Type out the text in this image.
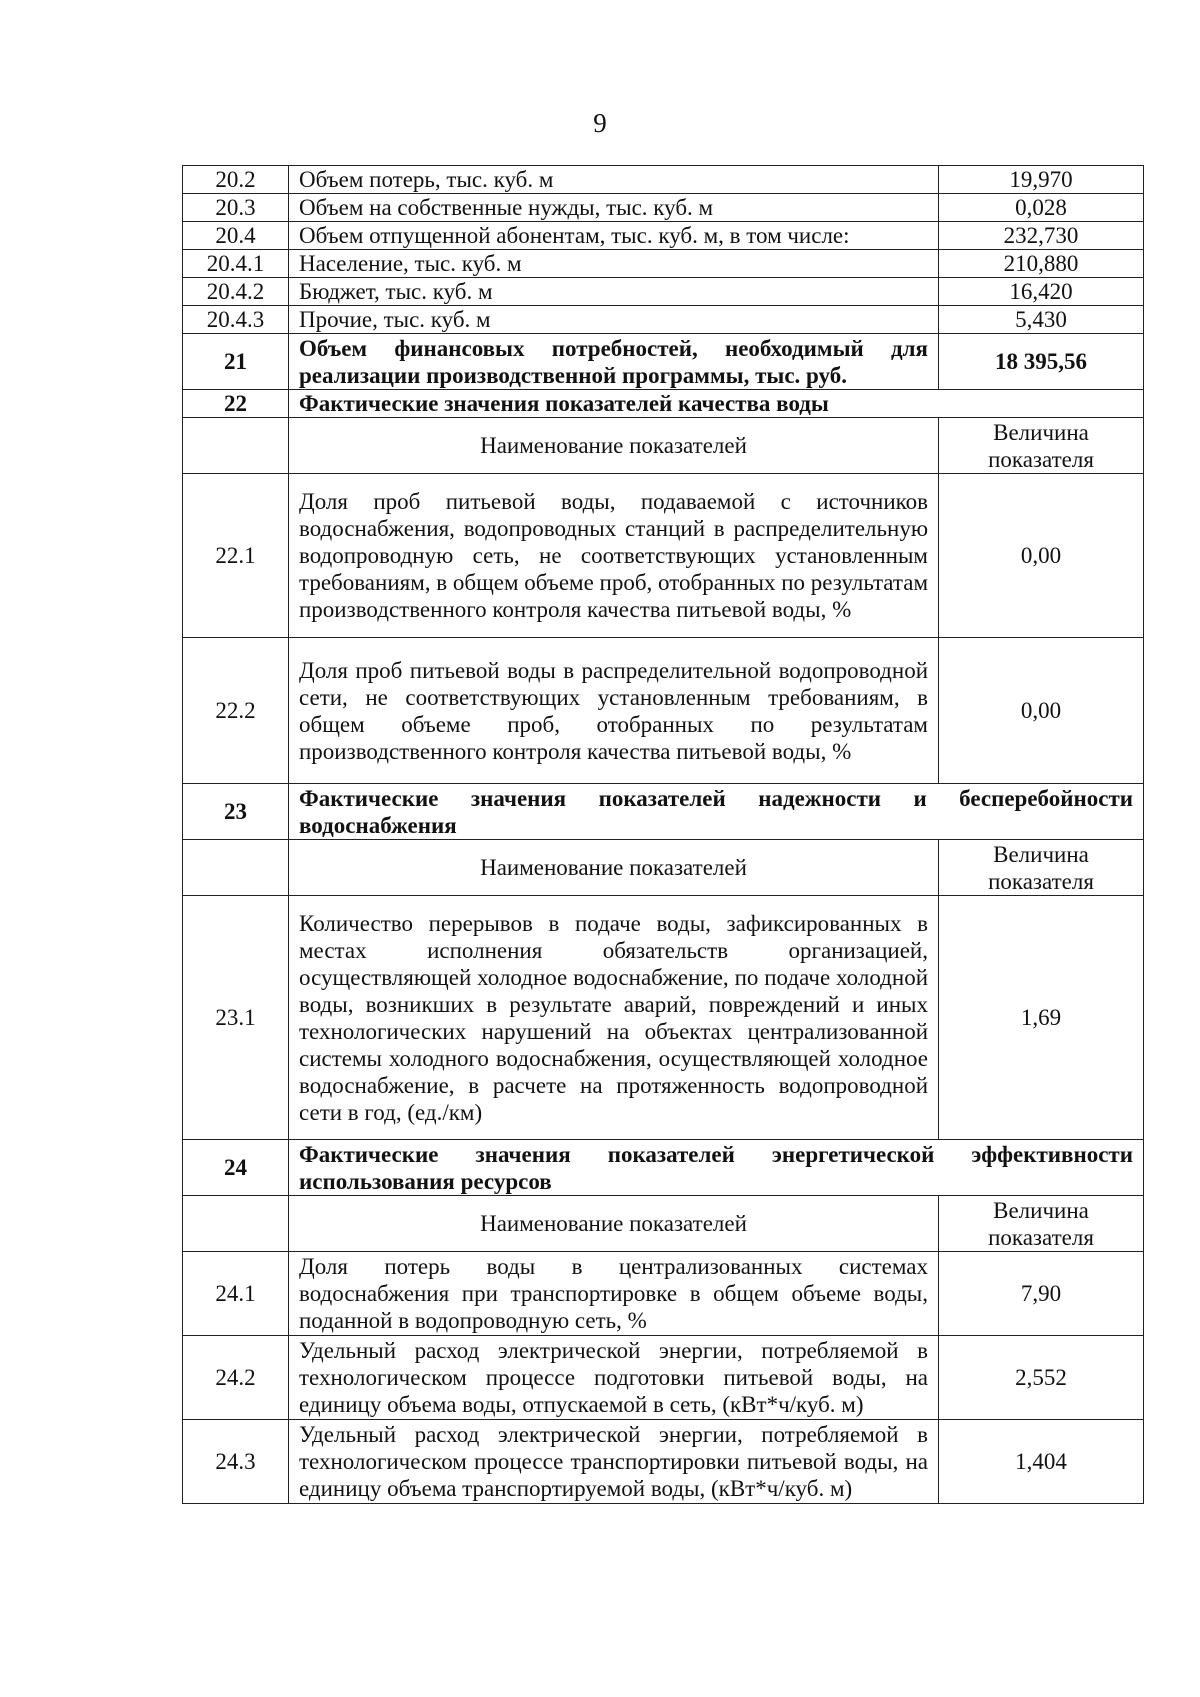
9
20.2	Объем потерь, тыс. куб. м	19,970
20.3	Объем на собственные нужды, тыс. куб. м	0,028
20.4	Объем отпущенной абонентам, тыс. куб. м, в том числе:	232,730
20.4.1	Население, тыс. куб. м	210,880
20.4.2	Бюджет, тыс. куб. м	16,420
20.4.3	Прочие, тыс. куб. м	5,430
21	Объем финансовых потребностей, необходимый для реализации производственной программы, тыс. руб.	18 395,56
22	Фактические значения показателей качества воды	
	Наименование показателей	Величина показателя
22.1	Доля проб питьевой воды, подаваемой с источников водоснабжения, водопроводных станций в распределительную водопроводную сеть, не соответствующих установленным требованиям, в общем объеме проб, отобранных по результатам производственного контроля качества питьевой воды, %	0,00
22.2	Доля проб питьевой воды в распределительной водопроводной сети, не соответствующих установленным требованиям, в общем объеме проб, отобранных по результатам производственного контроля качества питьевой воды, %	0,00
23	Фактические значения показателей надежности и бесперебойности водоснабжения	
	Наименование показателей	Величина показателя
23.1	Количество перерывов в подаче воды, зафиксированных в местах исполнения обязательств организацией, осуществляющей холодное водоснабжение, по подаче холодной воды, возникших в результате аварий, повреждений и иных технологических нарушений на объектах централизованной системы холодного водоснабжения, осуществляющей холодное водоснабжение, в расчете на протяженность водопроводной сети в год, (ед./км)	1,69
24	Фактические значения показателей энергетической эффективности использования ресурсов	
	Наименование показателей	Величина показателя
24.1	Доля потерь воды в централизованных системах водоснабжения при транспортировке в общем объеме воды, поданной в водопроводную сеть, %	7,90
24.2	Удельный расход электрической энергии, потребляемой в технологическом процессе подготовки питьевой воды, на единицу объема воды, отпускаемой в сеть, (кВт*ч/куб. м)	2,552
24.3	Удельный расход электрической энергии, потребляемой в технологическом процессе транспортировки питьевой воды, на единицу объема транспортируемой воды, (кВт*ч/куб. м)	1,404
